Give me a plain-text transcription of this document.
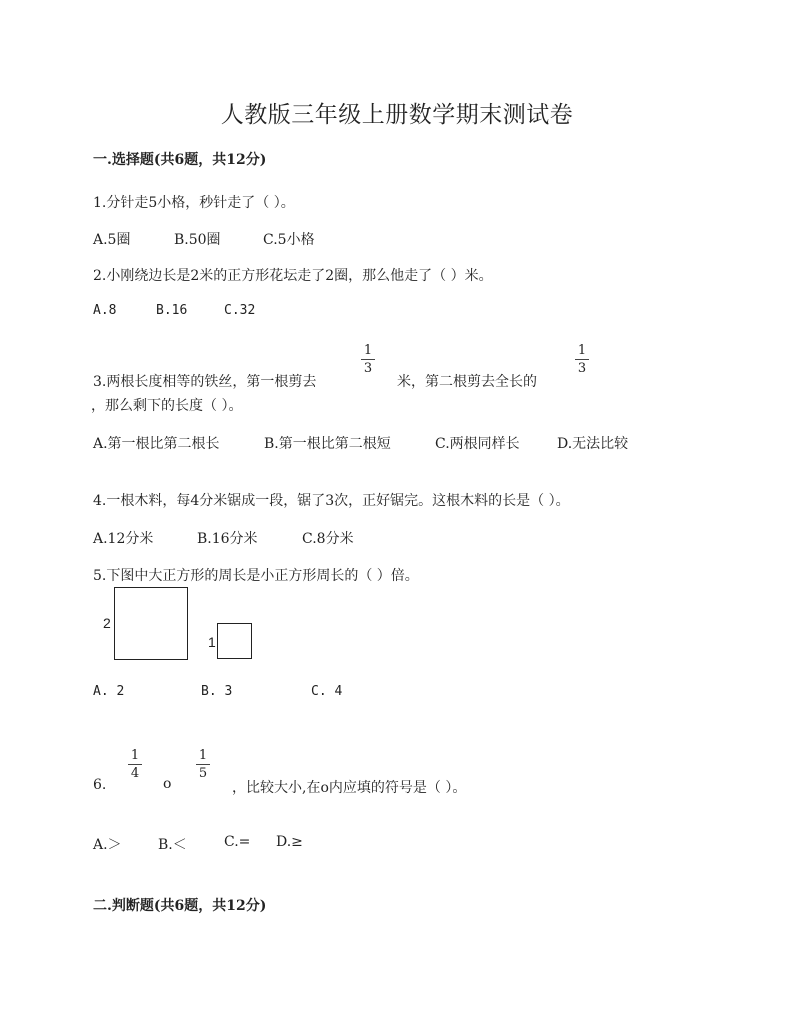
人教版三年级上册数学期末测试卷
一.选择题(共6题，共12分)
1.分针走5小格，秒针走了（ ）。
A.5圈	B.50圈	C.5小格
2.小刚绕边长是2米的正方形花坛走了2圈，那么他走了（ ）米。
A.8	B.16	C.32
3.两根长度相等的铁丝，第一根剪去
1
3
米，第二根剪去全长的
1
3
，那么剩下的长度（ ）。
A.第一根比第二根长	B.第一根比第二根短	C.两根同样长	D.无法比较
4.一根木料，每4分米锯成一段，锯了3次，正好锯完。这根木料的长是（ ）。
A.12分米	B.16分米	C.8分米
5.下图中大正方形的周长是小正方形周长的（ ）倍。
2
1
A. 2	B. 3	C. 4
6.
1
4
o
1
5
，比较大小,在o内应填的符号是（ ）。
A.＞	B.＜	C.= D.≥
二.判断题(共6题，共12分)
